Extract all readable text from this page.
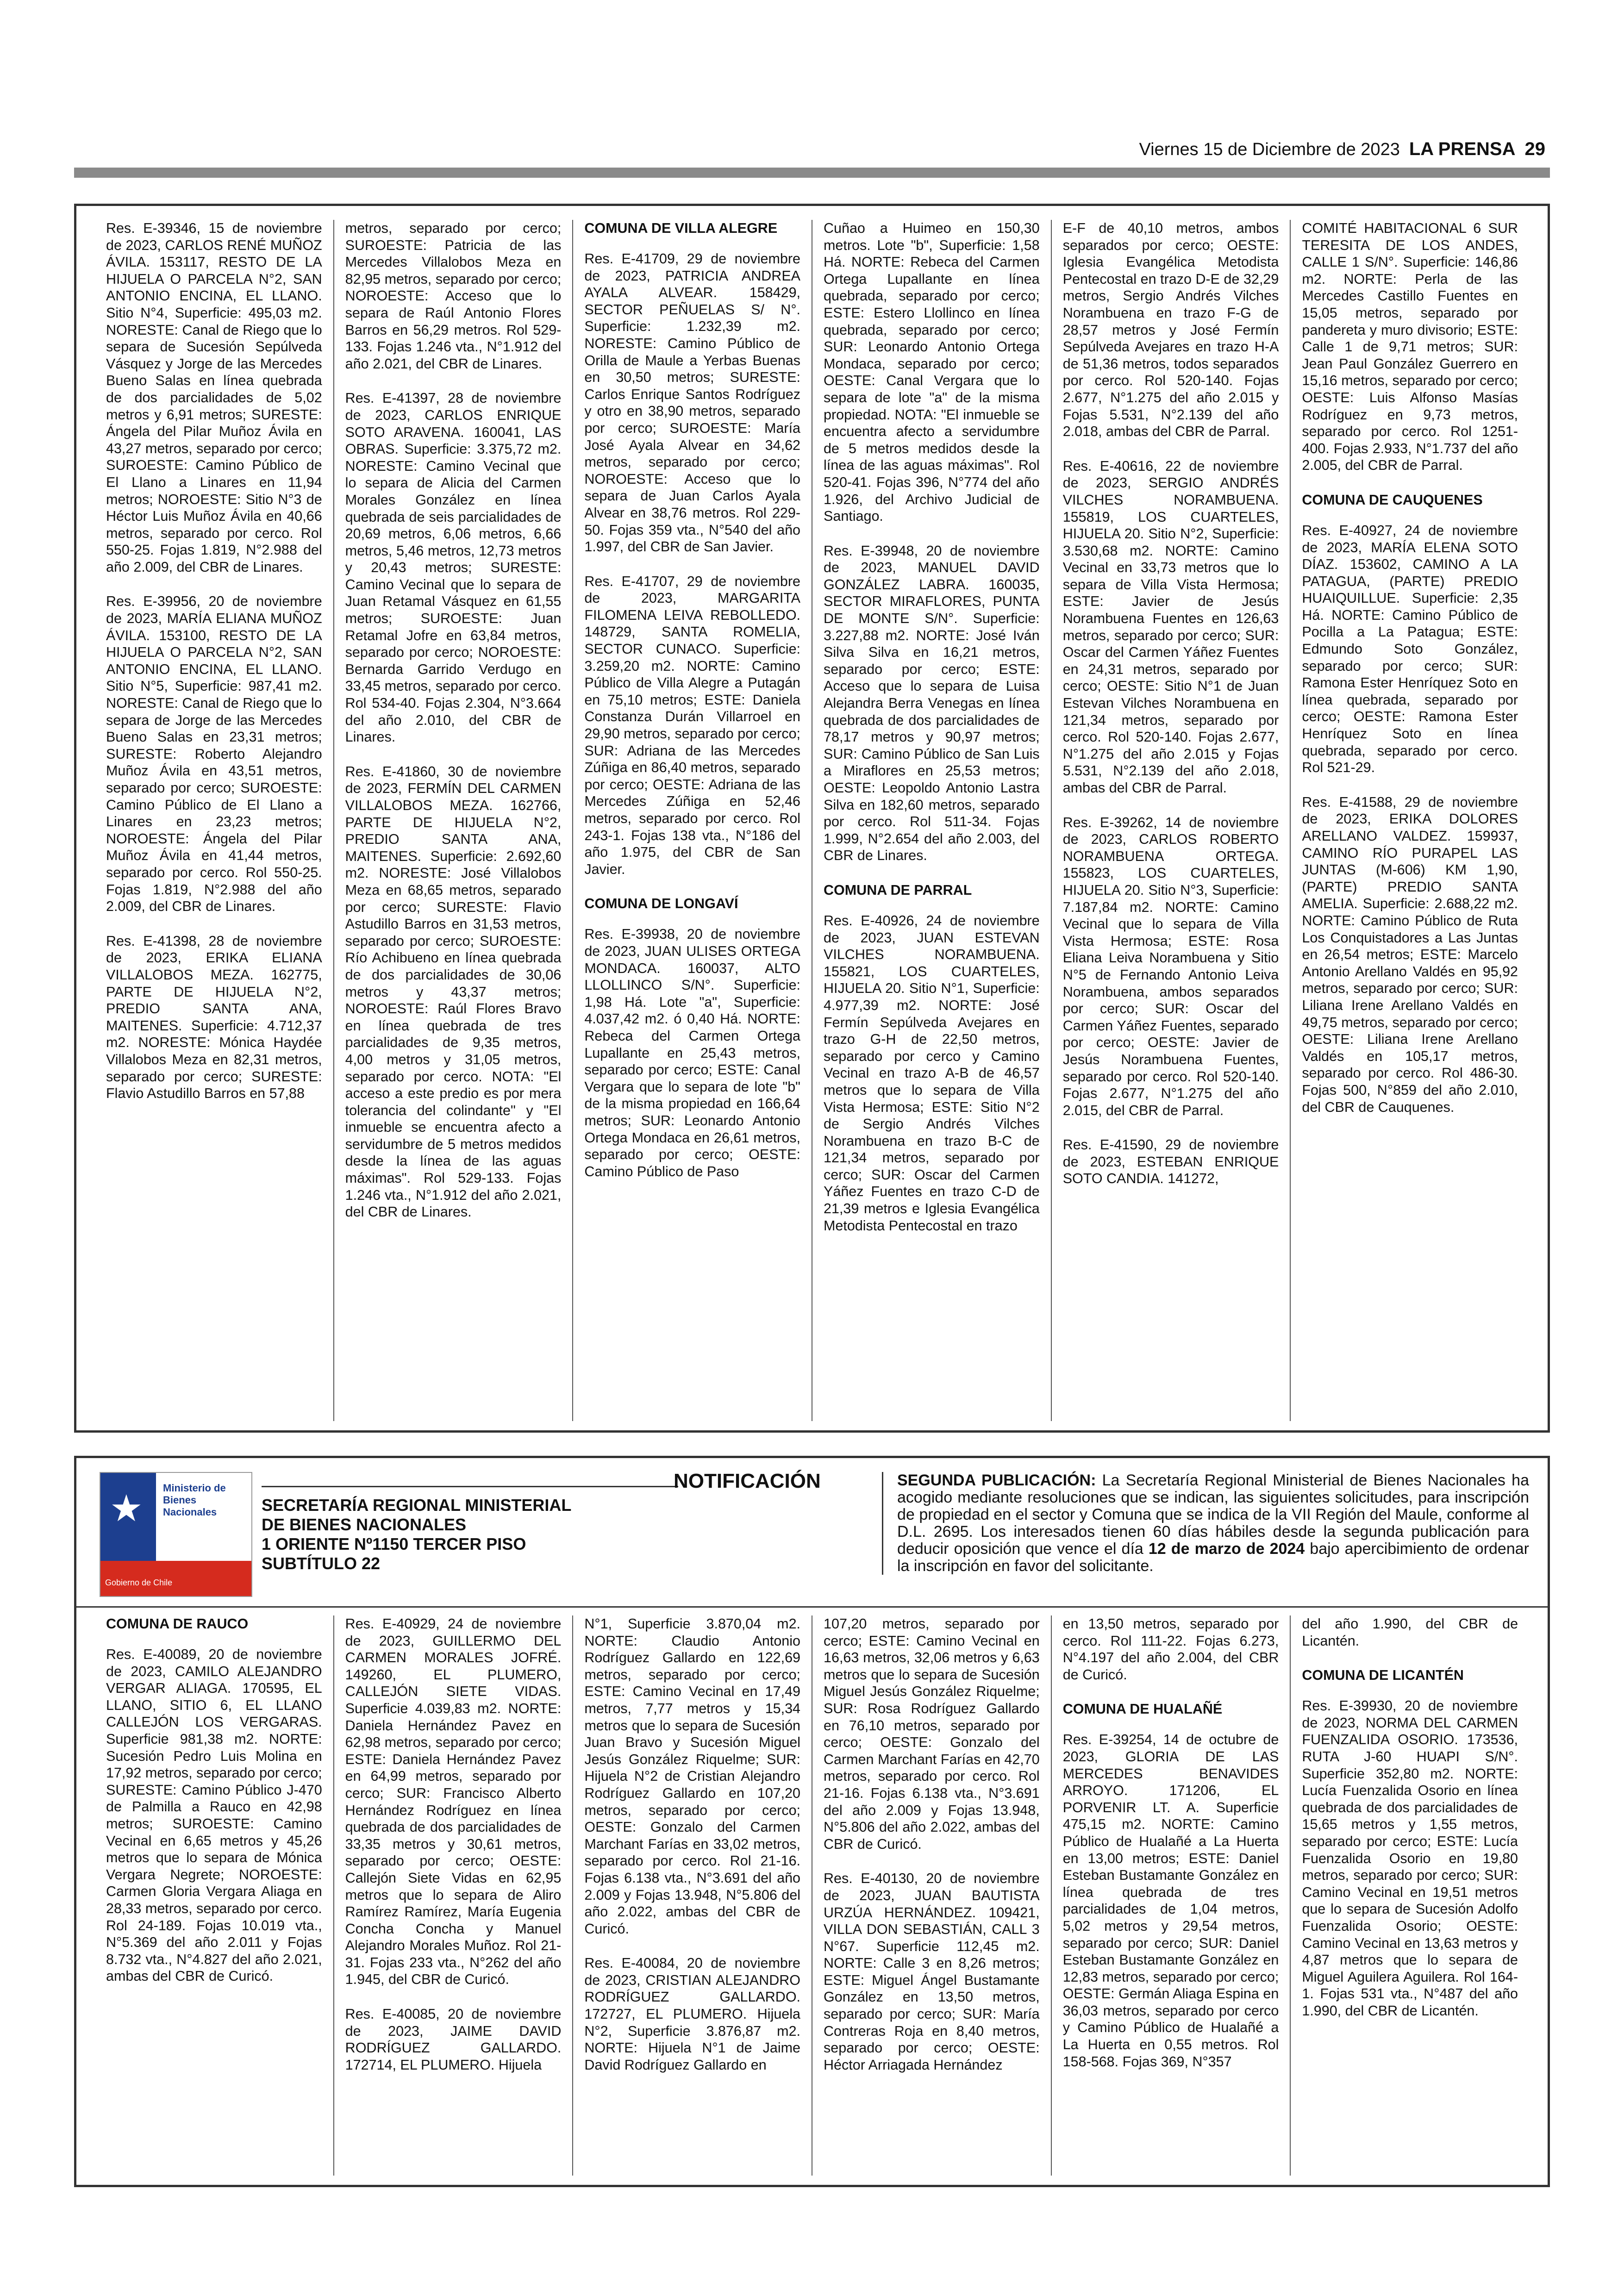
Viernes 15 de Diciembre de 2023 LA PRENSA 29
Res. E-39346, 15 de noviembre de 2023, CARLOS RENÉ MUÑOZ ÁVILA. 153117, RESTO DE LA HIJUELA O PARCELA N°2, SAN ANTONIO ENCINA, EL LLANO. Sitio N°4, Superficie: 495,03 m2. NORESTE: Canal de Riego que lo separa de Sucesión Sepúlveda Vásquez y Jorge de las Mercedes Bueno Salas en línea quebrada de dos parcialidades de 5,02 metros y 6,91 metros; SURESTE: Ángela del Pilar Muñoz Ávila en 43,27 metros, separado por cerco; SUROESTE: Camino Público de El Llano a Linares en 11,94 metros; NOROESTE: Sitio N°3 de Héctor Luis Muñoz Ávila en 40,66 metros, separado por cerco. Rol 550-25. Fojas 1.819, N°2.988 del año 2.009, del CBR de Linares.
Res. E-39956, 20 de noviembre de 2023, MARÍA ELIANA MUÑOZ ÁVILA. 153100, RESTO DE LA HIJUELA O PARCELA N°2, SAN ANTONIO ENCINA, EL LLANO. Sitio N°5, Superficie: 987,41 m2. NORESTE: Canal de Riego que lo separa de Jorge de las Mercedes Bueno Salas en 23,31 metros; SURESTE: Roberto Alejandro Muñoz Ávila en 43,51 metros, separado por cerco; SUROESTE: Camino Público de El Llano a Linares en 23,23 metros; NOROESTE: Ángela del Pilar Muñoz Ávila en 41,44 metros, separado por cerco. Rol 550-25. Fojas 1.819, N°2.988 del año 2.009, del CBR de Linares.
Res. E-41398, 28 de noviembre de 2023, ERIKA ELIANA VILLALOBOS MEZA. 162775, PARTE DE HIJUELA N°2, PREDIO SANTA ANA, MAITENES. Superficie: 4.712,37 m2. NORESTE: Mónica Haydée Villalobos Meza en 82,31 metros, separado por cerco; SURESTE: Flavio Astudillo Barros en 57,88
metros, separado por cerco; SUROESTE: Patricia de las Mercedes Villalobos Meza en 82,95 metros, separado por cerco; NOROESTE: Acceso que lo separa de Raúl Antonio Flores Barros en 56,29 metros. Rol 529-133. Fojas 1.246 vta., N°1.912 del año 2.021, del CBR de Linares.
Res. E-41397, 28 de noviembre de 2023, CARLOS ENRIQUE SOTO ARAVENA. 160041, LAS OBRAS. Superficie: 3.375,72 m2. NORESTE: Camino Vecinal que lo separa de Alicia del Carmen Morales González en línea quebrada de seis parcialidades de 20,69 metros, 6,06 metros, 6,66 metros, 5,46 metros, 12,73 metros y 20,43 metros; SURESTE: Camino Vecinal que lo separa de Juan Retamal Vásquez en 61,55 metros; SUROESTE: Juan Retamal Jofre en 63,84 metros, separado por cerco; NOROESTE: Bernarda Garrido Verdugo en 33,45 metros, separado por cerco. Rol 534-40. Fojas 2.304, N°3.664 del año 2.010, del CBR de Linares.
Res. E-41860, 30 de noviembre de 2023, FERMÍN DEL CARMEN VILLALOBOS MEZA. 162766, PARTE DE HIJUELA N°2, PREDIO SANTA ANA, MAITENES. Superficie: 2.692,60 m2. NORESTE: José Villalobos Meza en 68,65 metros, separado por cerco; SURESTE: Flavio Astudillo Barros en 31,53 metros, separado por cerco; SUROESTE: Río Achibueno en línea quebrada de dos parcialidades de 30,06 metros y 43,37 metros; NOROESTE: Raúl Flores Bravo en línea quebrada de tres parcialidades de 9,35 metros, 4,00 metros y 31,05 metros, separado por cerco. NOTA: "El acceso a este predio es por mera tolerancia del colindante" y "El inmueble se encuentra afecto a servidumbre de 5 metros medidos desde la línea de las aguas máximas". Rol 529-133. Fojas 1.246 vta., N°1.912 del año 2.021, del CBR de Linares.
COMUNA DE VILLA ALEGRE
Res. E-41709, 29 de noviembre de 2023, PATRICIA ANDREA AYALA ALVEAR. 158429, SECTOR PEÑUELAS S/ N°. Superficie: 1.232,39 m2. NORESTE: Camino Público de Orilla de Maule a Yerbas Buenas en 30,50 metros; SURESTE: Carlos Enrique Santos Rodríguez y otro en 38,90 metros, separado por cerco; SUROESTE: María José Ayala Alvear en 34,62 metros, separado por cerco; NOROESTE: Acceso que lo separa de Juan Carlos Ayala Alvear en 38,76 metros. Rol 229-50. Fojas 359 vta., N°540 del año 1.997, del CBR de San Javier.
Res. E-41707, 29 de noviembre de 2023, MARGARITA FILOMENA LEIVA REBOLLEDO. 148729, SANTA ROMELIA, SECTOR CUNACO. Superficie: 3.259,20 m2. NORTE: Camino Público de Villa Alegre a Putagán en 75,10 metros; ESTE: Daniela Constanza Durán Villarroel en 29,90 metros, separado por cerco; SUR: Adriana de las Mercedes Zúñiga en 86,40 metros, separado por cerco; OESTE: Adriana de las Mercedes Zúñiga en 52,46 metros, separado por cerco. Rol 243-1. Fojas 138 vta., N°186 del año 1.975, del CBR de San Javier.
COMUNA DE LONGAVÍ
Res. E-39938, 20 de noviembre de 2023, JUAN ULISES ORTEGA MONDACA. 160037, ALTO LLOLLINCO S/N°. Superficie: 1,98 Há. Lote "a", Superficie: 4.037,42 m2. ó 0,40 Há. NORTE: Rebeca del Carmen Ortega Lupallante en 25,43 metros, separado por cerco; ESTE: Canal Vergara que lo separa de lote "b" de la misma propiedad en 166,64 metros; SUR: Leonardo Antonio Ortega Mondaca en 26,61 metros, separado por cerco; OESTE: Camino Público de Paso
Cuñao a Huimeo en 150,30 metros. Lote "b", Superficie: 1,58 Há. NORTE: Rebeca del Carmen Ortega Lupallante en línea quebrada, separado por cerco; ESTE: Estero Llollinco en línea quebrada, separado por cerco; SUR: Leonardo Antonio Ortega Mondaca, separado por cerco; OESTE: Canal Vergara que lo separa de lote "a" de la misma propiedad. NOTA: "El inmueble se encuentra afecto a servidumbre de 5 metros medidos desde la línea de las aguas máximas". Rol 520-41. Fojas 396, N°774 del año 1.926, del Archivo Judicial de Santiago.
Res. E-39948, 20 de noviembre de 2023, MANUEL DAVID GONZÁLEZ LABRA. 160035, SECTOR MIRAFLORES, PUNTA DE MONTE S/N°. Superficie: 3.227,88 m2. NORTE: José Iván Silva Silva en 16,21 metros, separado por cerco; ESTE: Acceso que lo separa de Luisa Alejandra Berra Venegas en línea quebrada de dos parcialidades de 78,17 metros y 90,97 metros; SUR: Camino Público de San Luis a Miraflores en 25,53 metros; OESTE: Leopoldo Antonio Lastra Silva en 182,60 metros, separado por cerco. Rol 511-34. Fojas 1.999, N°2.654 del año 2.003, del CBR de Linares.
COMUNA DE PARRAL
Res. E-40926, 24 de noviembre de 2023, JUAN ESTEVAN VILCHES NORAMBUENA. 155821, LOS CUARTELES, HIJUELA 20. Sitio N°1, Superficie: 4.977,39 m2. NORTE: José Fermín Sepúlveda Avejares en trazo G-H de 22,50 metros, separado por cerco y Camino Vecinal en trazo A-B de 46,57 metros que lo separa de Villa Vista Hermosa; ESTE: Sitio N°2 de Sergio Andrés Vilches Norambuena en trazo B-C de 121,34 metros, separado por cerco; SUR: Oscar del Carmen Yáñez Fuentes en trazo C-D de 21,39 metros e Iglesia Evangélica Metodista Pentecostal en trazo
E-F de 40,10 metros, ambos separados por cerco; OESTE: Iglesia Evangélica Metodista Pentecostal en trazo D-E de 32,29 metros, Sergio Andrés Vilches Norambuena en trazo F-G de 28,57 metros y José Fermín Sepúlveda Avejares en trazo H-A de 51,36 metros, todos separados por cerco. Rol 520-140. Fojas 2.677, N°1.275 del año 2.015 y Fojas 5.531, N°2.139 del año 2.018, ambas del CBR de Parral.
Res. E-40616, 22 de noviembre de 2023, SERGIO ANDRÉS VILCHES NORAMBUENA. 155819, LOS CUARTELES, HIJUELA 20. Sitio N°2, Superficie: 3.530,68 m2. NORTE: Camino Vecinal en 33,73 metros que lo separa de Villa Vista Hermosa; ESTE: Javier de Jesús Norambuena Fuentes en 126,63 metros, separado por cerco; SUR: Oscar del Carmen Yáñez Fuentes en 24,31 metros, separado por cerco; OESTE: Sitio N°1 de Juan Estevan Vilches Norambuena en 121,34 metros, separado por cerco. Rol 520-140. Fojas 2.677, N°1.275 del año 2.015 y Fojas 5.531, N°2.139 del año 2.018, ambas del CBR de Parral.
Res. E-39262, 14 de noviembre de 2023, CARLOS ROBERTO NORAMBUENA ORTEGA. 155823, LOS CUARTELES, HIJUELA 20. Sitio N°3, Superficie: 7.187,84 m2. NORTE: Camino Vecinal que lo separa de Villa Vista Hermosa; ESTE: Rosa Eliana Leiva Norambuena y Sitio N°5 de Fernando Antonio Leiva Norambuena, ambos separados por cerco; SUR: Oscar del Carmen Yáñez Fuentes, separado por cerco; OESTE: Javier de Jesús Norambuena Fuentes, separado por cerco. Rol 520-140. Fojas 2.677, N°1.275 del año 2.015, del CBR de Parral.
Res. E-41590, 29 de noviembre de 2023, ESTEBAN ENRIQUE SOTO CANDIA. 141272,
COMITÉ HABITACIONAL 6 SUR TERESITA DE LOS ANDES, CALLE 1 S/N°. Superficie: 146,86 m2. NORTE: Perla de las Mercedes Castillo Fuentes en 15,05 metros, separado por pandereta y muro divisorio; ESTE: Calle 1 de 9,71 metros; SUR: Jean Paul González Guerrero en 15,16 metros, separado por cerco; OESTE: Luis Alfonso Masías Rodríguez en 9,73 metros, separado por cerco. Rol 1251-400. Fojas 2.933, N°1.737 del año 2.005, del CBR de Parral.
COMUNA DE CAUQUENES
Res. E-40927, 24 de noviembre de 2023, MARÍA ELENA SOTO DÍAZ. 153602, CAMINO A LA PATAGUA, (PARTE) PREDIO HUAIQUILLUE. Superficie: 2,35 Há. NORTE: Camino Público de Pocilla a La Patagua; ESTE: Edmundo Soto González, separado por cerco; SUR: Ramona Ester Henríquez Soto en línea quebrada, separado por cerco; OESTE: Ramona Ester Henríquez Soto en línea quebrada, separado por cerco. Rol 521-29.
Res. E-41588, 29 de noviembre de 2023, ERIKA DOLORES ARELLANO VALDEZ. 159937, CAMINO RÍO PURAPEL LAS JUNTAS (M-606) KM 1,90, (PARTE) PREDIO SANTA AMELIA. Superficie: 2.688,22 m2. NORTE: Camino Público de Ruta Los Conquistadores a Las Juntas en 26,54 metros; ESTE: Marcelo Antonio Arellano Valdés en 95,92 metros, separado por cerco; SUR: Liliana Irene Arellano Valdés en 49,75 metros, separado por cerco; OESTE: Liliana Irene Arellano Valdés en 105,17 metros, separado por cerco. Rol 486-30. Fojas 500, N°859 del año 2.010, del CBR de Cauquenes.
★ Ministerio de Bienes Nacionales
Gobierno de Chile
SECRETARÍA REGIONAL MINISTERIAL
DE BIENES NACIONALES
1 ORIENTE Nº1150 TERCER PISO
SUBTÍTULO 22
NOTIFICACIÓN	SEGUNDA PUBLICACIÓN: La Secretaría Regional Ministerial de Bienes Nacionales ha acogido mediante resoluciones que se indican, las siguientes solicitudes, para inscripción de propiedad en el sector y Comuna que se indica de la VII Región del Maule, conforme al D.L. 2695. Los interesados tienen 60 días hábiles desde la segunda publicación para deducir oposición que vence el día 12 de marzo de 2024 bajo apercibimiento de ordenar la inscripción en favor del solicitante.
COMUNA DE RAUCO
Res. E-40089, 20 de noviembre de 2023, CAMILO ALEJANDRO VERGAR ALIAGA. 170595, EL LLANO, SITIO 6, EL LLANO CALLEJÓN LOS VERGARAS. Superficie 981,38 m2. NORTE: Sucesión Pedro Luis Molina en 17,92 metros, separado por cerco; SURESTE: Camino Público J-470 de Palmilla a Rauco en 42,98 metros; SUROESTE: Camino Vecinal en 6,65 metros y 45,26 metros que lo separa de Mónica Vergara Negrete; NOROESTE: Carmen Gloria Vergara Aliaga en 28,33 metros, separado por cerco. Rol 24-189. Fojas 10.019 vta., N°5.369 del año 2.011 y Fojas 8.732 vta., N°4.827 del año 2.021, ambas del CBR de Curicó.
Res. E-40929, 24 de noviembre de 2023, GUILLERMO DEL CARMEN MORALES JOFRÉ. 149260, EL PLUMERO, CALLEJÓN SIETE VIDAS. Superficie 4.039,83 m2. NORTE: Daniela Hernández Pavez en 62,98 metros, separado por cerco; ESTE: Daniela Hernández Pavez en 64,99 metros, separado por cerco; SUR: Francisco Alberto Hernández Rodríguez en línea quebrada de dos parcialidades de 33,35 metros y 30,61 metros, separado por cerco; OESTE: Callejón Siete Vidas en 62,95 metros que lo separa de Aliro Ramírez Ramírez, María Eugenia Concha Concha y Manuel Alejandro Morales Muñoz. Rol 21-31. Fojas 233 vta., N°262 del año 1.945, del CBR de Curicó.
Res. E-40085, 20 de noviembre de 2023, JAIME DAVID RODRÍGUEZ GALLARDO. 172714, EL PLUMERO. Hijuela
N°1, Superficie 3.870,04 m2. NORTE: Claudio Antonio Rodríguez Gallardo en 122,69 metros, separado por cerco; ESTE: Camino Vecinal en 17,49 metros, 7,77 metros y 15,34 metros que lo separa de Sucesión Juan Bravo y Sucesión Miguel Jesús González Riquelme; SUR: Hijuela N°2 de Cristian Alejandro Rodríguez Gallardo en 107,20 metros, separado por cerco; OESTE: Gonzalo del Carmen Marchant Farías en 33,02 metros, separado por cerco. Rol 21-16. Fojas 6.138 vta., N°3.691 del año 2.009 y Fojas 13.948, N°5.806 del año 2.022, ambas del CBR de Curicó.
Res. E-40084, 20 de noviembre de 2023, CRISTIAN ALEJANDRO RODRÍGUEZ GALLARDO. 172727, EL PLUMERO. Hijuela N°2, Superficie 3.876,87 m2. NORTE: Hijuela N°1 de Jaime David Rodríguez Gallardo en
107,20 metros, separado por cerco; ESTE: Camino Vecinal en 16,63 metros, 32,06 metros y 6,63 metros que lo separa de Sucesión Miguel Jesús González Riquelme; SUR: Rosa Rodríguez Gallardo en 76,10 metros, separado por cerco; OESTE: Gonzalo del Carmen Marchant Farías en 42,70 metros, separado por cerco. Rol 21-16. Fojas 6.138 vta., N°3.691 del año 2.009 y Fojas 13.948, N°5.806 del año 2.022, ambas del CBR de Curicó.
Res. E-40130, 20 de noviembre de 2023, JUAN BAUTISTA URZÚA HERNÁNDEZ. 109421, VILLA DON SEBASTIÁN, CALL 3 N°67. Superficie 112,45 m2. NORTE: Calle 3 en 8,26 metros; ESTE: Miguel Ángel Bustamante González en 13,50 metros, separado por cerco; SUR: María Contreras Roja en 8,40 metros, separado por cerco; OESTE: Héctor Arriagada Hernández
en 13,50 metros, separado por cerco. Rol 111-22. Fojas 6.273, N°4.197 del año 2.004, del CBR de Curicó.
COMUNA DE HUALAÑÉ
Res. E-39254, 14 de octubre de 2023, GLORIA DE LAS MERCEDES BENAVIDES ARROYO. 171206, EL PORVENIR LT. A. Superficie 475,15 m2. NORTE: Camino Público de Hualañé a La Huerta en 13,00 metros; ESTE: Daniel Esteban Bustamante González en línea quebrada de tres parcialidades de 1,04 metros, 5,02 metros y 29,54 metros, separado por cerco; SUR: Daniel Esteban Bustamante González en 12,83 metros, separado por cerco; OESTE: Germán Aliaga Espina en 36,03 metros, separado por cerco y Camino Público de Hualañé a La Huerta en 0,55 metros. Rol 158-568. Fojas 369, N°357
del año 1.990, del CBR de Licantén.
COMUNA DE LICANTÉN
Res. E-39930, 20 de noviembre de 2023, NORMA DEL CARMEN FUENZALIDA OSORIO. 173536, RUTA J-60 HUAPI S/N°. Superficie 352,80 m2. NORTE: Lucía Fuenzalida Osorio en línea quebrada de dos parcialidades de 15,65 metros y 1,55 metros, separado por cerco; ESTE: Lucía Fuenzalida Osorio en 19,80 metros, separado por cerco; SUR: Camino Vecinal en 19,51 metros que lo separa de Sucesión Adolfo Fuenzalida Osorio; OESTE: Camino Vecinal en 13,63 metros y 4,87 metros que lo separa de Miguel Aguilera Aguilera. Rol 164-1. Fojas 531 vta., N°487 del año 1.990, del CBR de Licantén.
